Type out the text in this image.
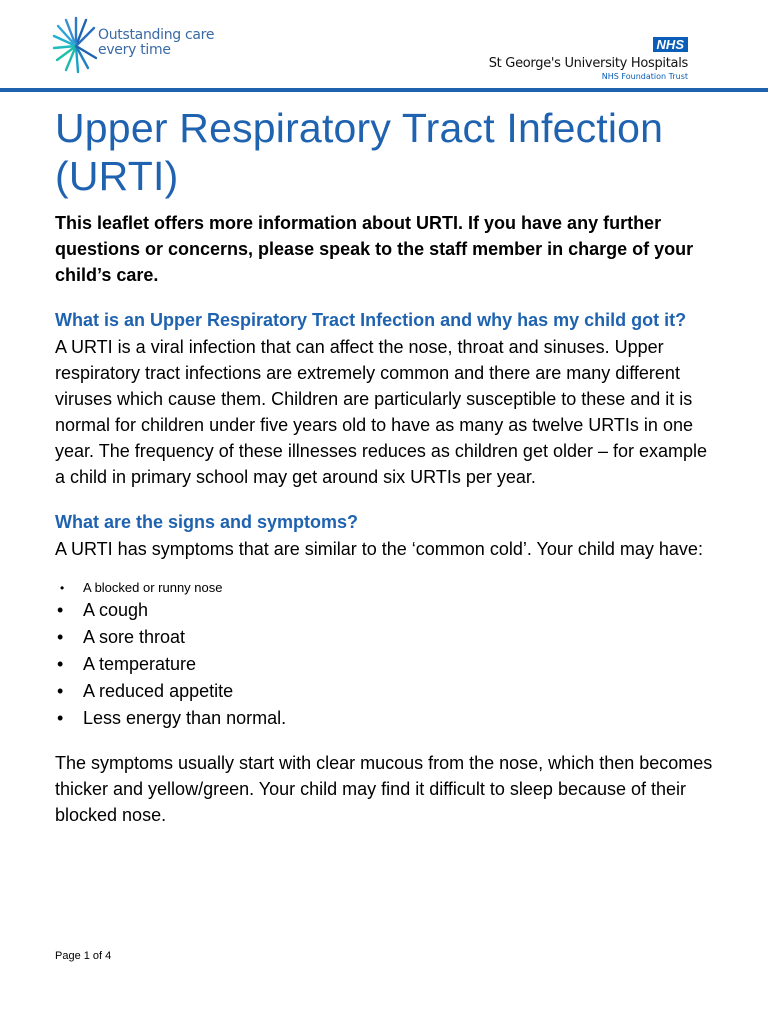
Outstanding care
every time	NHS
St George's University Hospitals
NHS Foundation Trust
Upper Respiratory Tract Infection (URTI)

This leaflet offers more information about URTI. If you have any further questions or concerns, please speak to the staff member in charge of your child’s care.

What is an Upper Respiratory Tract Infection and why has my child got it?

A URTI is a viral infection that can affect the nose, throat and sinuses. Upper respiratory tract infections are extremely common and there are many different viruses which cause them. Children are particularly susceptible to these and it is normal for children under five years old to have as many as twelve URTIs in one year. The frequency of these illnesses reduces as children get older – for example a child in primary school may get around six URTIs per year.

What are the signs and symptoms?

A URTI has symptoms that are similar to the ‘common cold’. Your child may have:

• A blocked or runny nose
• A cough
• A sore throat
• A temperature
• A reduced appetite
• Less energy than normal.

The symptoms usually start with clear mucous from the nose, which then becomes thicker and yellow/green. Your child may find it difficult to sleep because of their blocked nose.

Page 1 of 4
